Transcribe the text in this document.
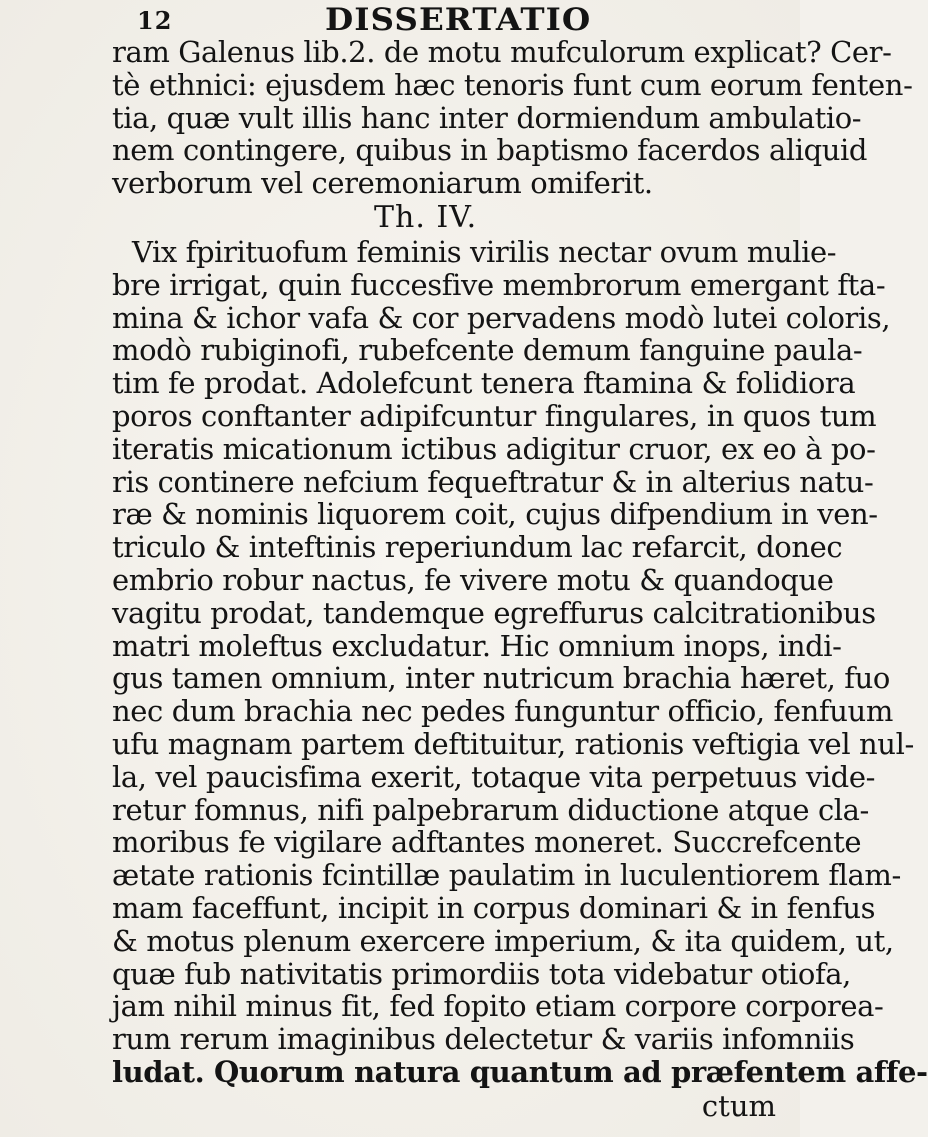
12	DISSERTATIO
ram Galenus lib.2. de motu mufculorum explicat? Cer-
tè ethnici: ejusdem hæc tenoris funt cum eorum fenten-
tia, quæ vult illis hanc inter dormiendum ambulatio-
nem contingere, quibus in baptismo facerdos aliquid
verborum vel ceremoniarum omiferit.
Th. IV.
Vix fpirituofum feminis virilis nectar ovum mulie-
bre irrigat, quin fuccesfive membrorum emergant fta-
mina & ichor vafa & cor pervadens modò lutei coloris,
modò rubiginofi, rubefcente demum fanguine paula-
tim fe prodat. Adolefcunt tenera ftamina & folidiora
poros conftanter adipifcuntur fingulares, in quos tum
iteratis micationum ictibus adigitur cruor, ex eo à po-
ris continere nefcium fequeftratur & in alterius natu-
ræ & nominis liquorem coit, cujus difpendium in ven-
triculo & inteftinis reperiundum lac refarcit, donec
embrio robur nactus, fe vivere motu & quandoque
vagitu prodat, tandemque egreffurus calcitrationibus
matri moleftus excludatur. Hic omnium inops, indi-
gus tamen omnium, inter nutricum brachia hæret, fuo
nec dum brachia nec pedes funguntur officio, fenfuum
ufu magnam partem deftituitur, rationis veftigia vel nul-
la, vel paucisfima exerit, totaque vita perpetuus vide-
retur fomnus, nifi palpebrarum diductione atque cla-
moribus fe vigilare adftantes moneret. Succrefcente
ætate rationis fcintillæ paulatim in luculentiorem flam-
mam faceffunt, incipit in corpus dominari & in fenfus
& motus plenum exercere imperium, & ita quidem, ut,
quæ fub nativitatis primordiis tota videbatur otiofa,
jam nihil minus fit, fed fopito etiam corpore corporea-
rum rerum imaginibus delectetur & variis infomniis
ludat. Quorum natura quantum ad præfentem affe-
ctum
